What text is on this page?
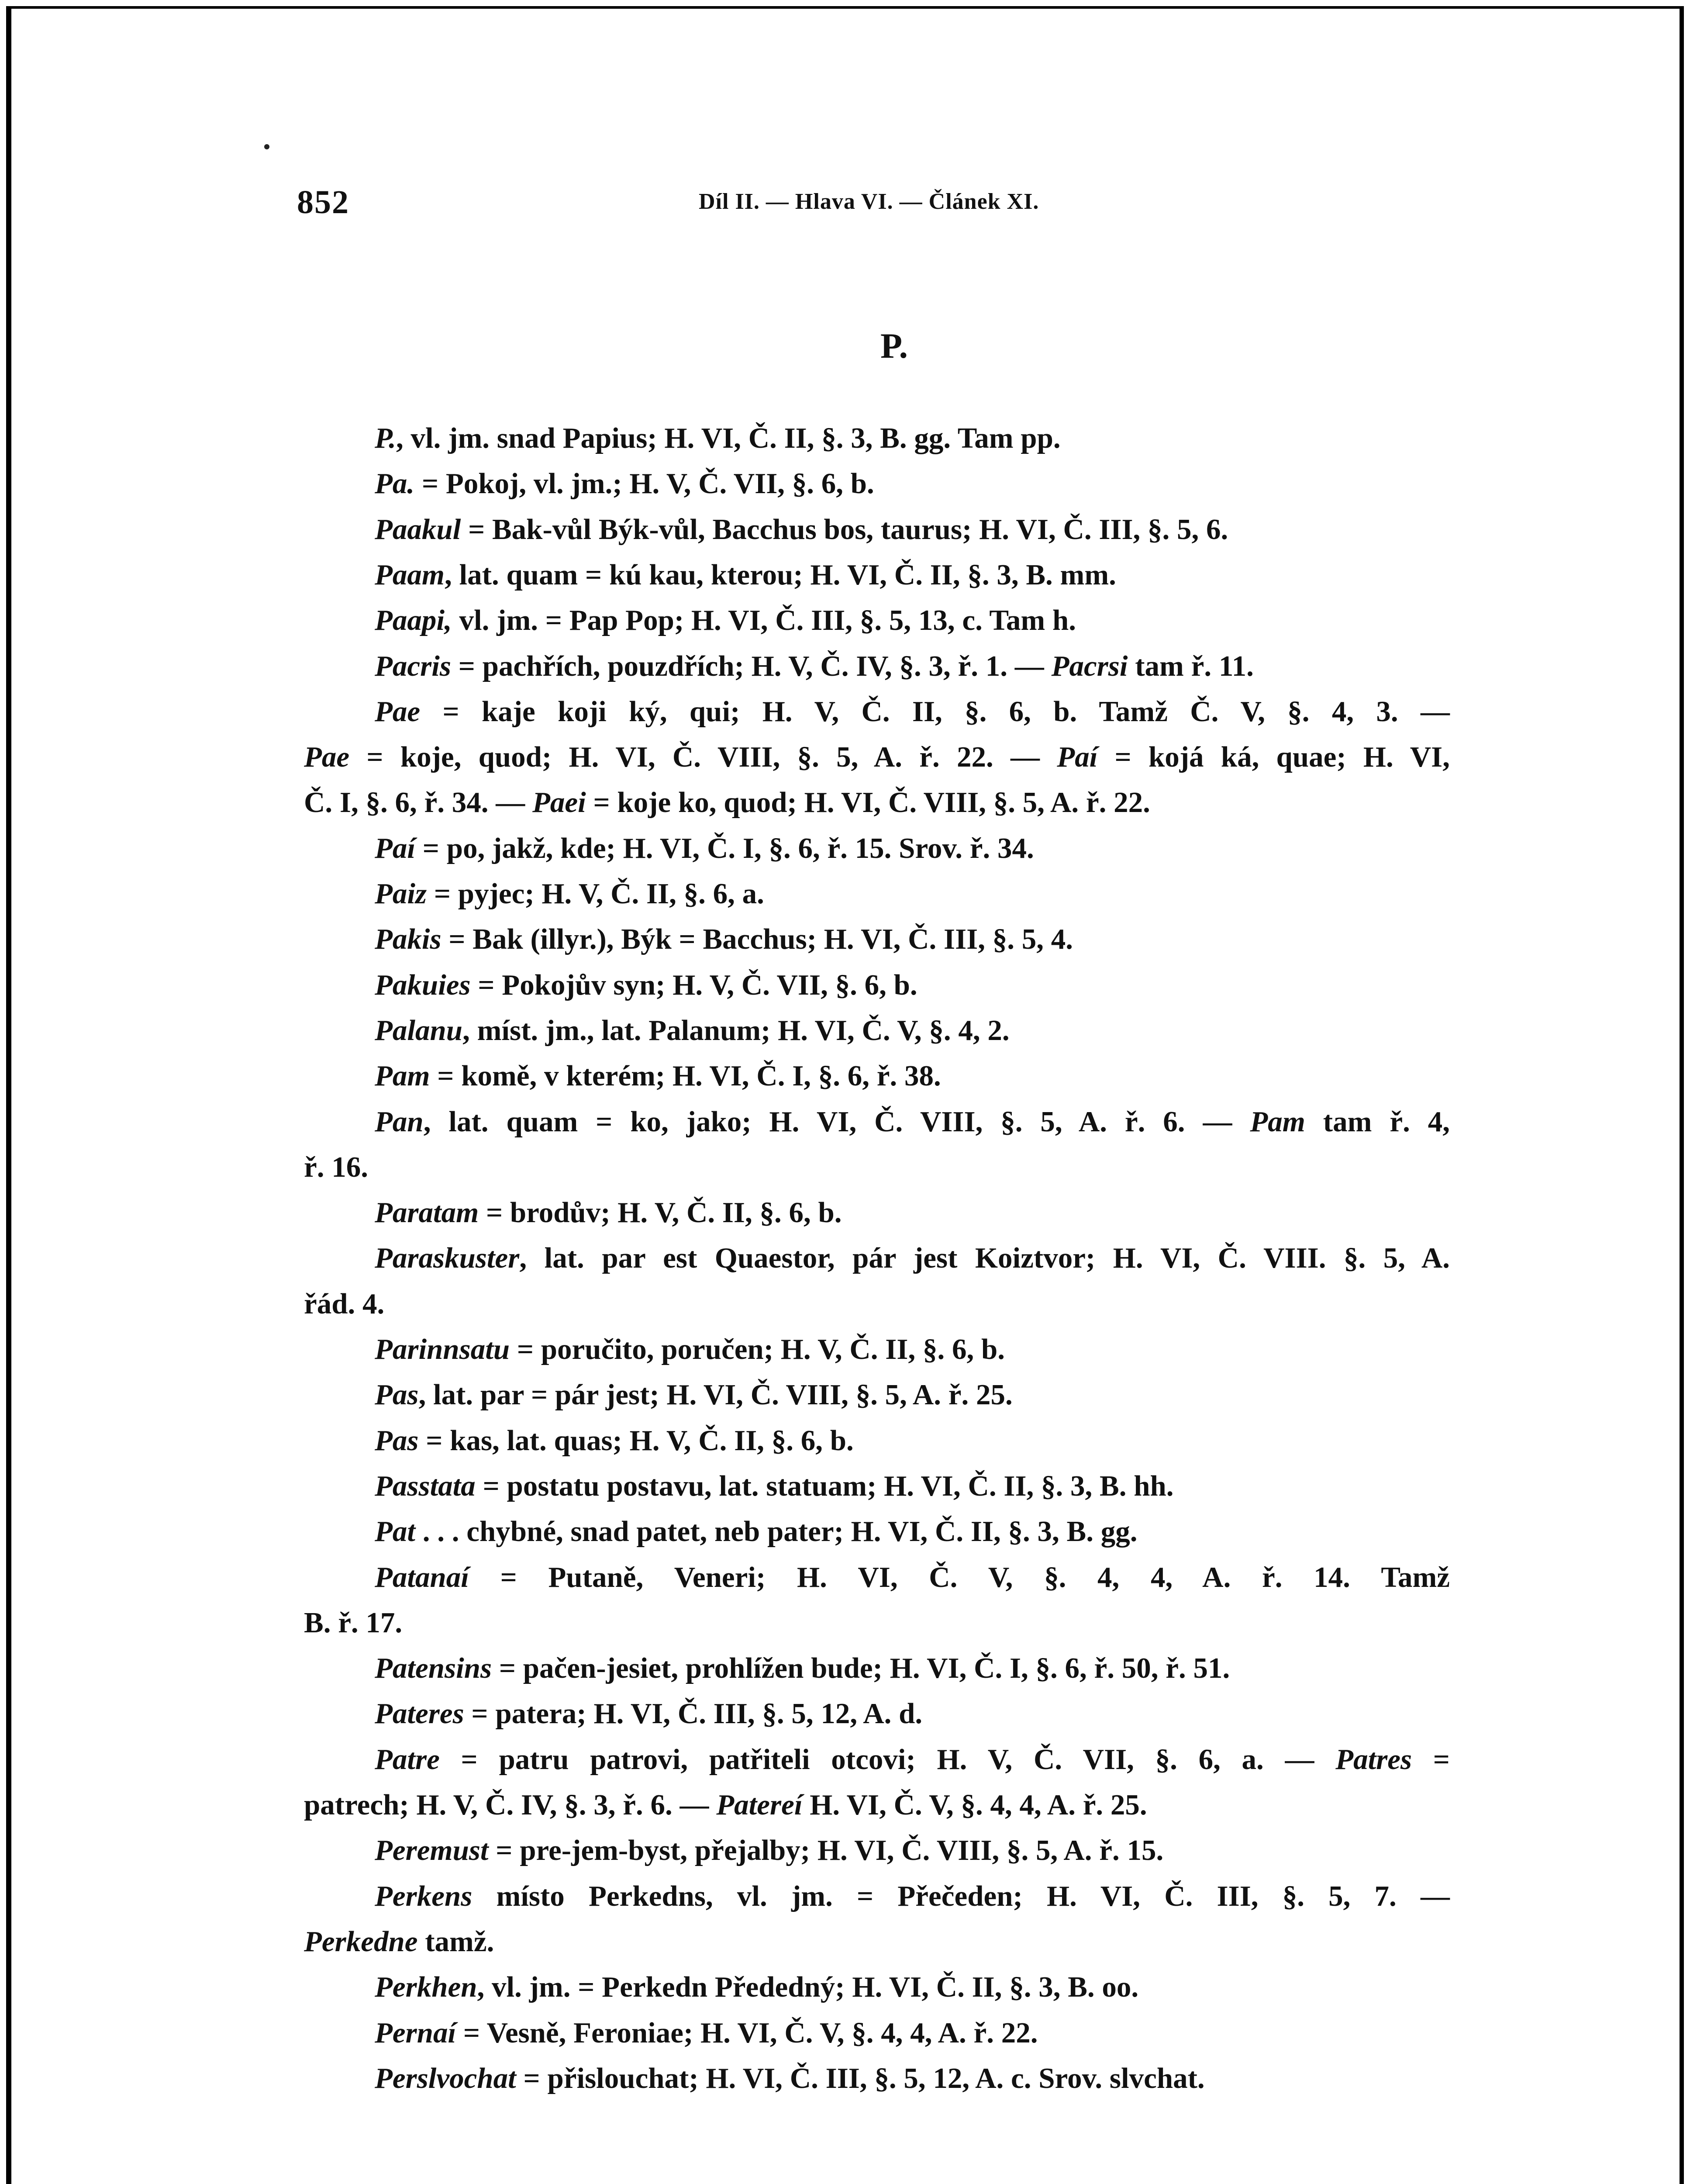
852	Díl II. — Hlava VI. — Článek XI.
P.
P., vl. jm. snad Papius; H. VI, Č. II, §. 3, B. gg. Tam pp.
Pa. = Pokoj, vl. jm.; H. V, Č. VII, §. 6, b.
Paakul = Bak-vůl Býk-vůl, Bacchus bos, taurus; H. VI, Č. III, §. 5, 6.
Paam, lat. quam = kú kau, kterou; H. VI, Č. II, §. 3, B. mm.
Paapi, vl. jm. = Pap Pop; H. VI, Č. III, §. 5, 13, c. Tam h.
Pacris = pachřích, pouzdřích; H. V, Č. IV, §. 3, ř. 1. — Pacrsi tam ř. 11.
Pae = kaje koji ký, qui; H. V, Č. II, §. 6, b. Tamž Č. V, §. 4, 3. —
Pae = koje, quod; H. VI, Č. VIII, §. 5, A. ř. 22. — Paí = kojá ká, quae; H. VI,
Č. I, §. 6, ř. 34. — Paei = koje ko, quod; H. VI, Č. VIII, §. 5, A. ř. 22.
Paí = po, jakž, kde; H. VI, Č. I, §. 6, ř. 15. Srov. ř. 34.
Paiz = pyjec; H. V, Č. II, §. 6, a.
Pakis = Bak (illyr.), Býk = Bacchus; H. VI, Č. III, §. 5, 4.
Pakuies = Pokojův syn; H. V, Č. VII, §. 6, b.
Palanu, míst. jm., lat. Palanum; H. VI, Č. V, §. 4, 2.
Pam = komě, v kterém; H. VI, Č. I, §. 6, ř. 38.
Pan, lat. quam = ko, jako; H. VI, Č. VIII, §. 5, A. ř. 6. — Pam tam ř. 4,
ř. 16.
Paratam = brodův; H. V, Č. II, §. 6, b.
Paraskuster, lat. par est Quaestor, pár jest Koiztvor; H. VI, Č. VIII. §. 5, A.
řád. 4.
Parinnsatu = poručito, poručen; H. V, Č. II, §. 6, b.
Pas, lat. par = pár jest; H. VI, Č. VIII, §. 5, A. ř. 25.
Pas = kas, lat. quas; H. V, Č. II, §. 6, b.
Passtata = postatu postavu, lat. statuam; H. VI, Č. II, §. 3, B. hh.
Pat . . . chybné, snad patet, neb pater; H. VI, Č. II, §. 3, B. gg.
Patanaí = Putaně, Veneri; H. VI, Č. V, §. 4, 4, A. ř. 14. Tamž
B. ř. 17.
Patensins = pačen-jesiet, prohlížen bude; H. VI, Č. I, §. 6, ř. 50, ř. 51.
Pateres = patera; H. VI, Č. III, §. 5, 12, A. d.
Patre = patru patrovi, patřiteli otcovi; H. V, Č. VII, §. 6, a. — Patres =
patrech; H. V, Č. IV, §. 3, ř. 6. — Patereí H. VI, Č. V, §. 4, 4, A. ř. 25.
Peremust = pre-jem-byst, přejalby; H. VI, Č. VIII, §. 5, A. ř. 15.
Perkens místo Perkedns, vl. jm. = Přečeden; H. VI, Č. III, §. 5, 7. —
Perkedne tamž.
Perkhen, vl. jm. = Perkedn Přededný; H. VI, Č. II, §. 3, B. oo.
Pernaí = Vesně, Feroniae; H. VI, Č. V, §. 4, 4, A. ř. 22.
Perslvochat = přislouchat; H. VI, Č. III, §. 5, 12, A. c. Srov. slvchat.
